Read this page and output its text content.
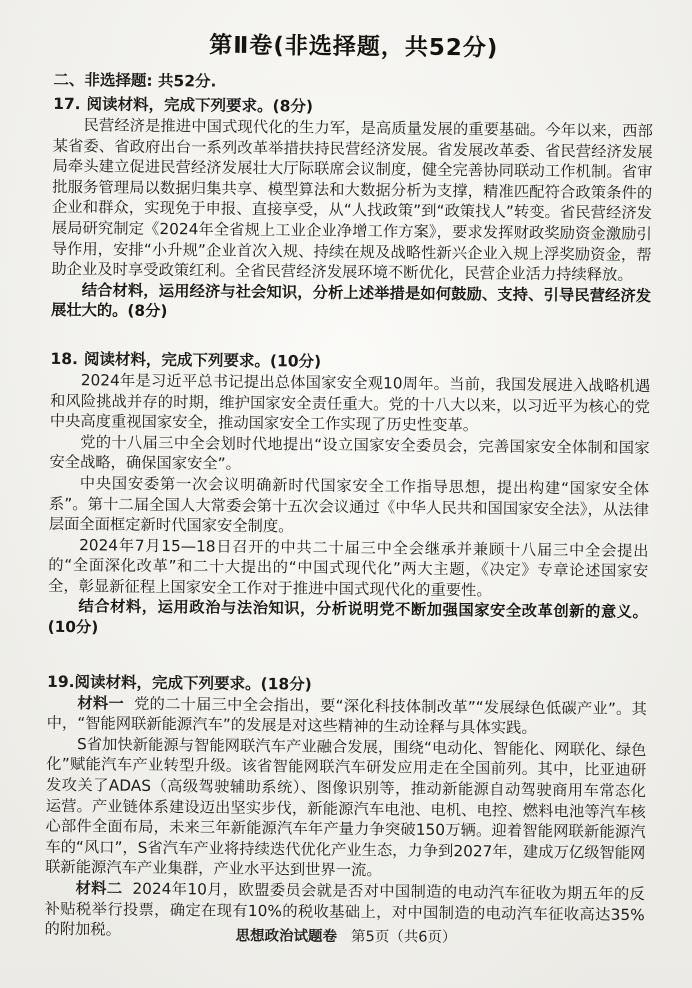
第Ⅱ卷(非选择题，共52分)
二、非选择题: 共52分.
17. 阅读材料，完成下列要求。(8分)

民营经济是推进中国式现代化的生力军，是高质量发展的重要基础。今年以来，西部某省委、省政府出台一系列改革举措扶持民营经济发展。省发展改革委、省民营经济发展局牵头建立促进民营经济发展壮大厅际联席会议制度，健全完善协同联动工作机制。省审批服务管理局以数据归集共享、模型算法和大数据分析为支撑，精准匹配符合政策条件的企业和群众，实现免于申报、直接享受，从“人找政策”到“政策找人”转变。省民营经济发展局研究制定《2024年全省规上工业企业净增工作方案》，要求发挥财政奖励资金激励引导作用，安排“小升规”企业首次入规、持续在规及战略性新兴企业入规上浮奖励资金，帮助企业及时享受政策红利。全省民营经济发展环境不断优化，民营企业活力持续释放。

结合材料，运用经济与社会知识，分析上述举措是如何鼓励、支持、引导民营经济发展壮大的。(8分)

18. 阅读材料，完成下列要求。(10分)

2024年是习近平总书记提出总体国家安全观10周年。当前，我国发展进入战略机遇和风险挑战并存的时期，维护国家安全责任重大。党的十八大以来，以习近平为核心的党中央高度重视国家安全，推动国家安全工作实现了历史性变革。

党的十八届三中全会划时代地提出“设立国家安全委员会，完善国家安全体制和国家安全战略，确保国家安全”。

中央国安委第一次会议明确新时代国家安全工作指导思想，提出构建“国家安全体系”。第十二届全国人大常委会第十五次会议通过《中华人民共和国国家安全法》，从法律层面全面框定新时代国家安全制度。

2024年7月15—18日召开的中共二十届三中全会继承并兼顾十八届三中全会提出的“全面深化改革”和二十大提出的“中国式现代化”两大主题，《决定》专章论述国家安全，彰显新征程上国家安全工作对于推进中国式现代化的重要性。

结合材料，运用政治与法治知识，分析说明党不断加强国家安全改革创新的意义。(10分)

19.阅读材料，完成下列要求。(18分)

材料一 党的二十届三中全会指出，要“深化科技体制改革”“发展绿色低碳产业”。其中，“智能网联新能源汽车”的发展是对这些精神的生动诠释与具体实践。

S省加快新能源与智能网联汽车产业融合发展，围绕“电动化、智能化、网联化、绿色化”赋能汽车产业转型升级。该省智能网联汽车研发应用走在全国前列。其中，比亚迪研发攻关了ADAS（高级驾驶辅助系统）、图像识别等，推动新能源自动驾驶商用车常态化运营。产业链体系建设迈出坚实步伐，新能源汽车电池、电机、电控、燃料电池等汽车核心部件全面布局，未来三年新能源汽车年产量力争突破150万辆。迎着智能网联新能源汽车的“风口”，S省汽车产业将持续迭代优化产业生态，力争到2027年，建成万亿级智能网联新能源汽车产业集群，产业水平达到世界一流。

材料二 2024年10月，欧盟委员会就是否对中国制造的电动汽车征收为期五年的反补贴税举行投票，确定在现有10%的税收基础上，对中国制造的电动汽车征收高达35%的附加税。	思想政治试题卷 第5页（共6页）
